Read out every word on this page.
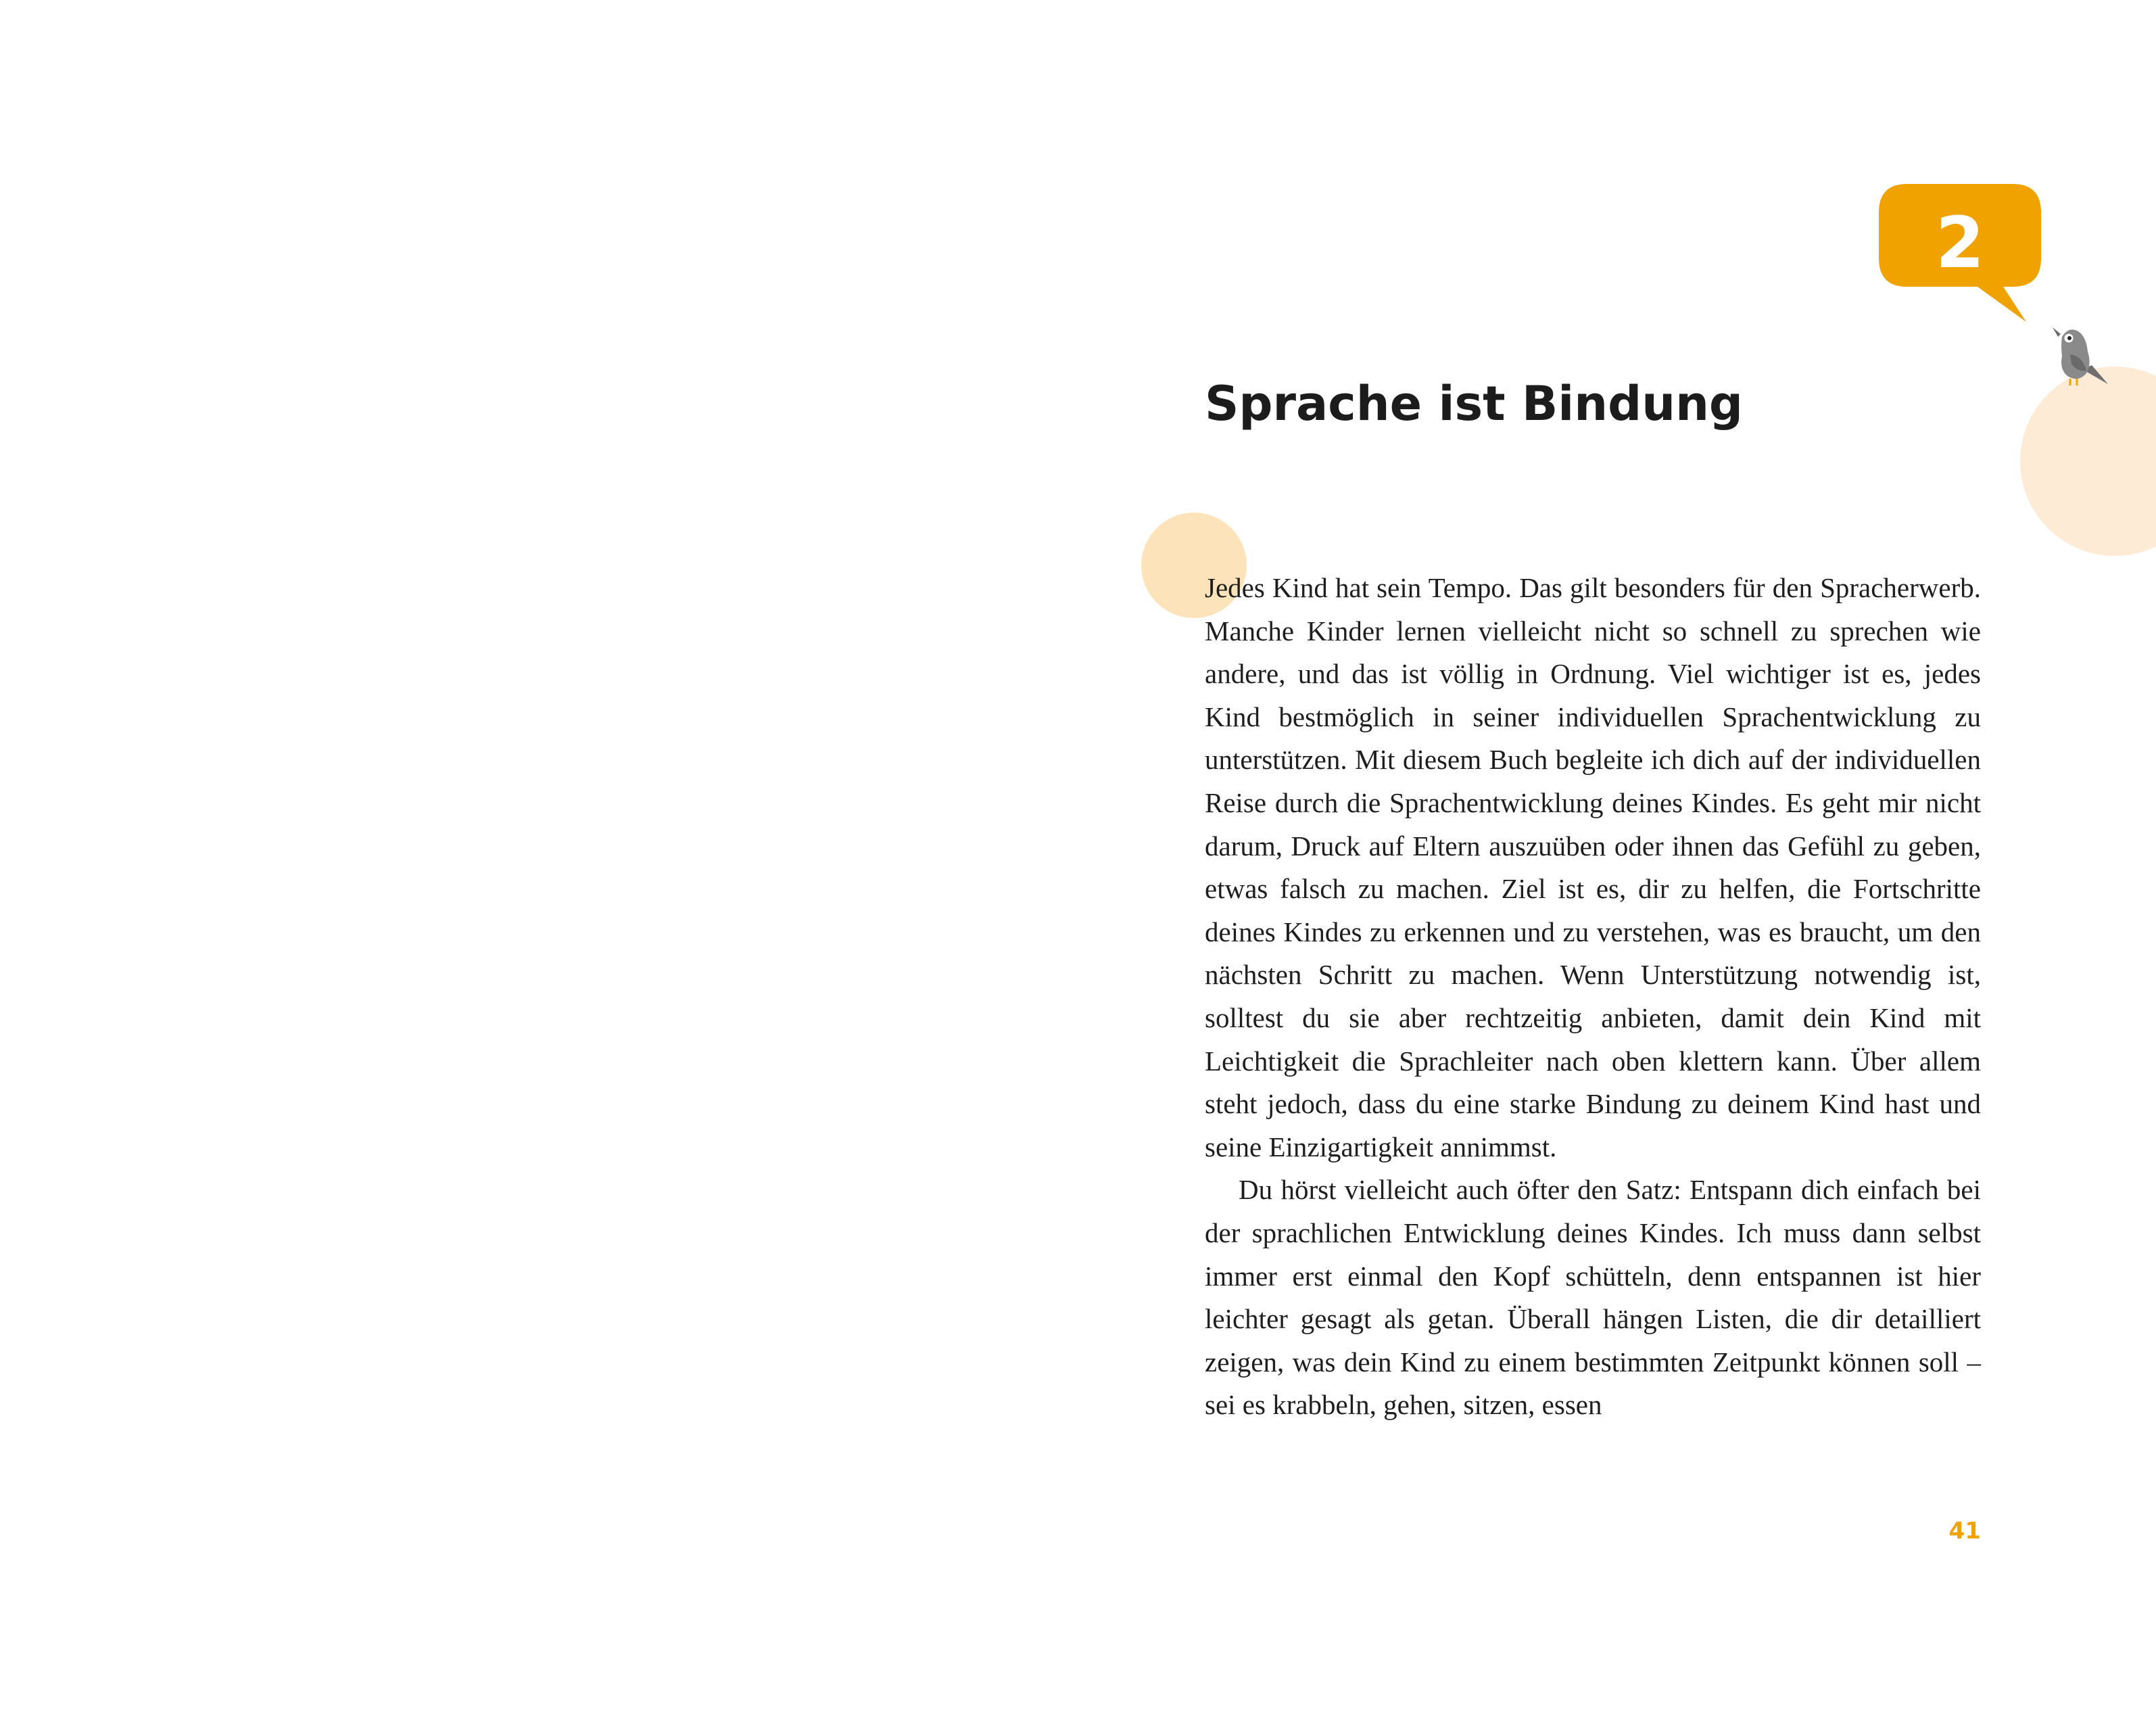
2
Sprache ist Bindung

Jedes Kind hat sein Tempo. Das gilt besonders für den Spracherwerb. Manche Kinder lernen vielleicht nicht so schnell zu sprechen wie andere, und das ist völlig in Ordnung. Viel wichtiger ist es, jedes Kind bestmöglich in seiner individuellen Sprachentwicklung zu unterstützen. Mit diesem Buch begleite ich dich auf der individuellen Reise durch die Sprachentwicklung deines Kindes. Es geht mir nicht darum, Druck auf Eltern auszuüben oder ihnen das Gefühl zu geben, etwas falsch zu machen. Ziel ist es, dir zu helfen, die Fortschritte deines Kindes zu erkennen und zu verstehen, was es braucht, um den nächsten Schritt zu machen. Wenn Unterstützung notwendig ist, solltest du sie aber rechtzeitig anbieten, damit dein Kind mit Leichtigkeit die Sprachleiter nach oben klettern kann. Über allem steht jedoch, dass du eine starke Bindung zu deinem Kind hast und seine Einzigartigkeit annimmst.

Du hörst vielleicht auch öfter den Satz: Entspann dich einfach bei der sprachlichen Entwicklung deines Kindes. Ich muss dann selbst immer erst einmal den Kopf schütteln, denn entspannen ist hier leichter gesagt als getan. Überall hängen Listen, die dir detailliert zeigen, was dein Kind zu einem bestimmten Zeitpunkt können soll – sei es krabbeln, gehen, sitzen, essen

41
